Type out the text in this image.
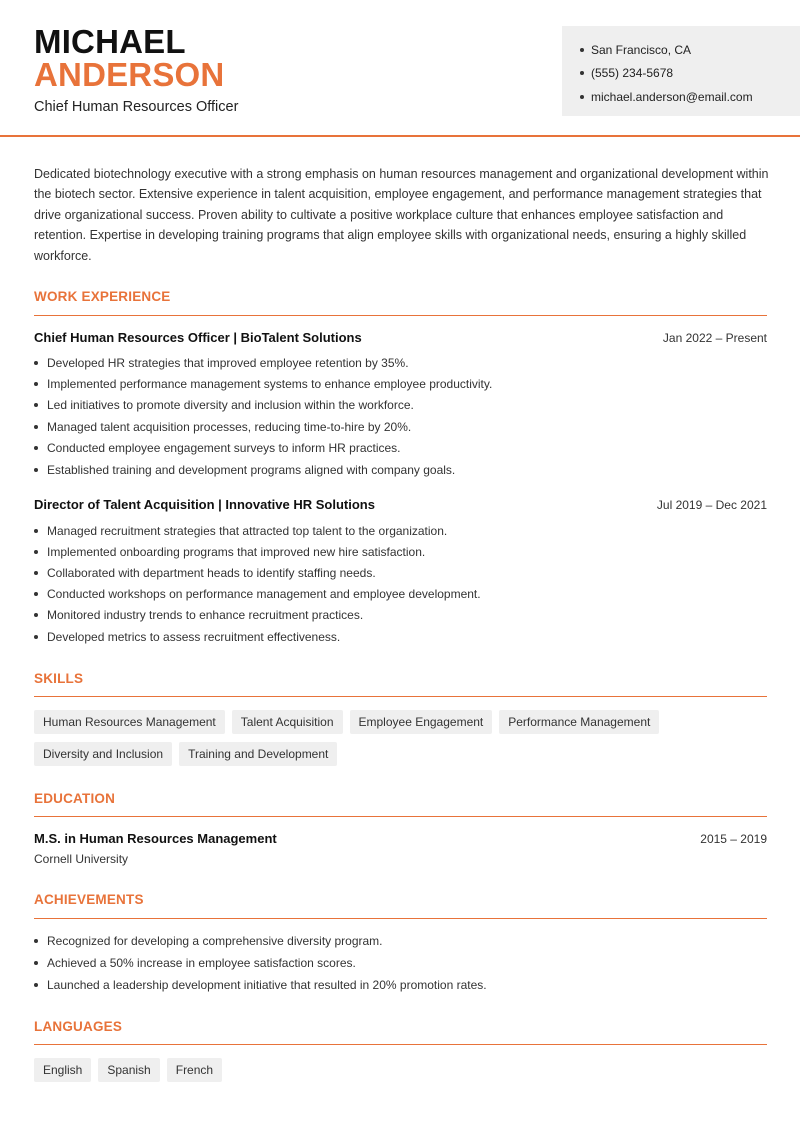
MICHAEL
ANDERSON
Chief Human Resources Officer
San Francisco, CA
(555) 234-5678
michael.anderson@email.com

Dedicated biotechnology executive with a strong emphasis on human resources management and organizational development within the biotech sector. Extensive experience in talent acquisition, employee engagement, and performance management strategies that drive organizational success. Proven ability to cultivate a positive workplace culture that enhances employee satisfaction and retention. Expertise in developing training programs that align employee skills with organizational needs, ensuring a highly skilled workforce.

WORK EXPERIENCE
Chief Human Resources Officer | BioTalent Solutions	Jan 2022 – Present
Developed HR strategies that improved employee retention by 35%.
Implemented performance management systems to enhance employee productivity.
Led initiatives to promote diversity and inclusion within the workforce.
Managed talent acquisition processes, reducing time-to-hire by 20%.
Conducted employee engagement surveys to inform HR practices.
Established training and development programs aligned with company goals.
Director of Talent Acquisition | Innovative HR Solutions	Jul 2019 – Dec 2021
Managed recruitment strategies that attracted top talent to the organization.
Implemented onboarding programs that improved new hire satisfaction.
Collaborated with department heads to identify staffing needs.
Conducted workshops on performance management and employee development.
Monitored industry trends to enhance recruitment practices.
Developed metrics to assess recruitment effectiveness.
SKILLS
Human Resources Management	Talent Acquisition	Employee Engagement	Performance Management
Diversity and Inclusion	Training and Development
EDUCATION
M.S. in Human Resources Management	2015 – 2019
Cornell University
ACHIEVEMENTS
Recognized for developing a comprehensive diversity program.
Achieved a 50% increase in employee satisfaction scores.
Launched a leadership development initiative that resulted in 20% promotion rates.
LANGUAGES
English	Spanish	French
